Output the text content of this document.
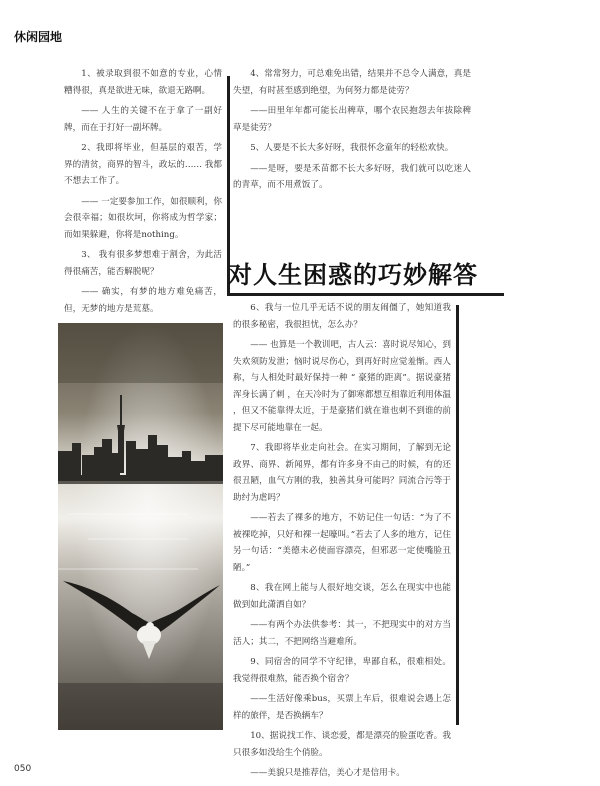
休闲园地

1、被录取到很不如意的专业，心情糟得很，真是欲进无味，欲退无路啊。

—— 人生的关键不在于拿了一副好牌，而在于打好一副坏牌。

2、我即将毕业，但基层的艰苦，学界的清贫，商界的智斗，政坛的…… 我都不想去工作了。

—— 一定要参加工作，如很顺利，你会很幸福；如很坎坷，你将成为哲学家；而如果躲避，你将是nothing。

3、 我有很多梦想难于割舍，为此活得很痛苦，能否解脱呢？

—— 确实，有梦的地方难免痛苦，但，无梦的地方是荒墓。

4、常常努力，可总难免出错，结果并不总令人满意，真是失望，有时甚至感到绝望，为何努力都是徒劳？

——田里年年都可能长出稗草，哪个农民抱怨去年拔除稗草是徒劳？

5、人要是不长大多好呀，我很怀念童年的轻松欢快。

——是呀，要是禾苗都不长大多好呀，我们就可以吃迷人的青草，而不用煮饭了。

对人生困惑的巧妙解答

6、我与一位几乎无话不说的朋友闹僵了，她知道我的很多秘密，我很担忧，怎么办？

—— 也算是一个教训吧，古人云：喜时说尽知心，到失欢须防发泄；恼时说尽伤心，到再好时应觉羞惭。西人称，与人相处时最好保持一种 “ 豪猪的距离”。据说豪猪浑身长满了刺 ，在天冷时为了御寒都想互相靠近利用体温 ，但又不能靠得太近，于是豪猪们就在谁也刺不到谁的前提下尽可能地靠在一起。

7、我即将毕业走向社会。在实习期间，了解到无论政界、商界、新闻界，都有许多身不由己的时候，有的还很丑陋，血气方刚的我，独善其身可能吗？同流合污等于助纣为虐吗？

——若去了裸多的地方，不妨记住一句话：“为了不被裸吃掉，只好和裸一起嚎叫。”若去了人多的地方，记住另一句话：“美德未必使面容漂亮，但邪恶一定使嘴脸丑陋。”

8、我在网上能与人很好地交谈，怎么在现实中也能做到如此潇洒自如？

——有两个办法供参考：其一，不把现实中的对方当活人；其二，不把网络当避难所。

9、同宿舍的同学不守纪律，卑鄙自私，很难相处。我觉得很难熬，能否换个宿舍？

——生活好像乘bus，买票上车后，很难说会遇上怎样的旅伴，是否换辆车？

10、据说找工作、谈恋爱，都是漂亮的脸蛋吃香。我只很多如没给生个俏脸。

——美貌只是推荐信，美心才是信用卡。

050
